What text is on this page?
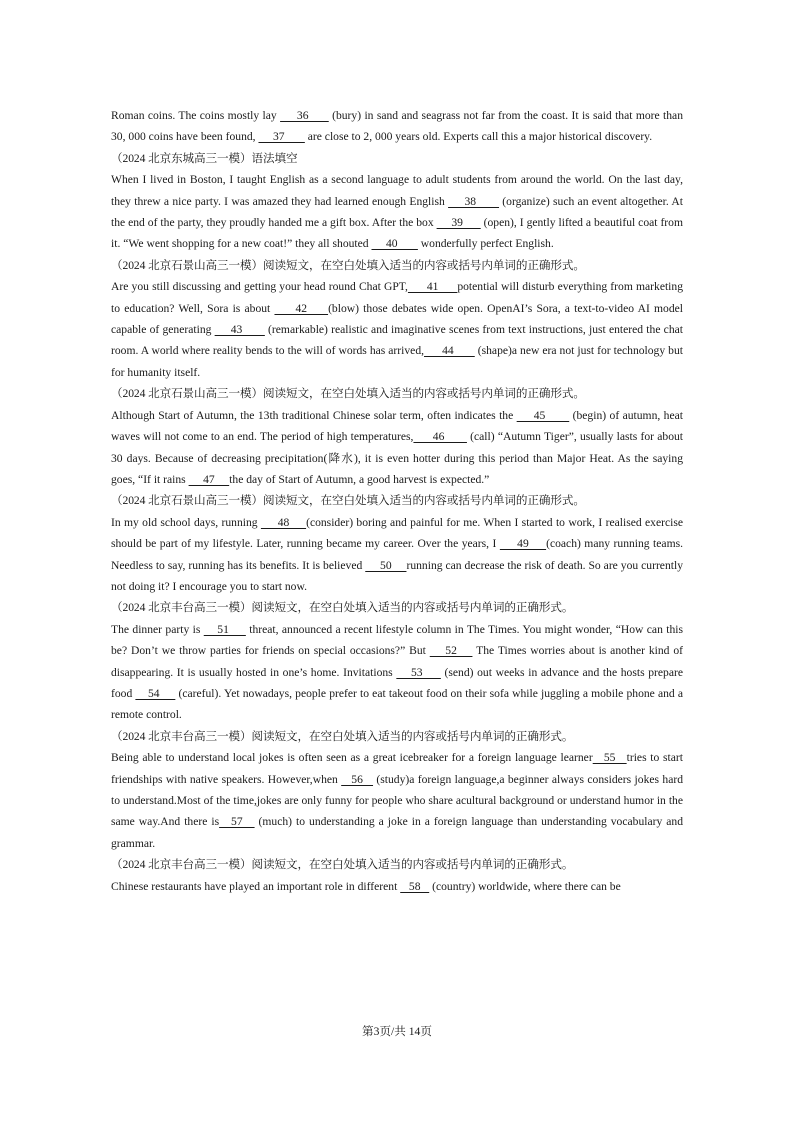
Roman coins. The coins mostly lay      36       (bury) in sand and seagrass not far from the coast. It is said that more than 30, 000 coins have been found,      37        are close to 2, 000 years old. Experts call this a major historical discovery.

（2024 北京东城高三一模）语法填空

When I lived in Boston, I taught English as a second language to adult students from around the world. On the last day, they threw a nice party. I was amazed they had learned enough English      38        (organize) such an event altogether. At the end of the party, they proudly handed me a gift box. After the box      39       (open), I gently lifted a beautiful coat from it. “We went shopping for a new coat!” they all shouted      40        wonderfully perfect English.

（2024 北京石景山高三一模）阅读短文，在空白处填入适当的内容或括号内单词的正确形式。

Are you still discussing and getting your head round Chat GPT,      41      potential will disturb everything from marketing to education? Well, Sora is about      42     (blow) those debates wide open. OpenAI’s Sora, a text-to-video AI model capable of generating      43        (remarkable) realistic and imaginative scenes from text instructions, just entered the chat room. A world where reality bends to the will of words has arrived,      44        (shape)a new era not just for technology but for humanity itself.

（2024 北京石景山高三一模）阅读短文，在空白处填入适当的内容或括号内单词的正确形式。

Although Start of Autumn, the 13th traditional Chinese solar term, often indicates the      45        (begin) of autumn, heat waves will not come to an end. The period of high temperatures,      46        (call) “Autumn Tiger”, usually lasts for about 30 days. Because of decreasing precipitation(降水), it is even hotter during this period than Major Heat. As the saying goes, “If it rains      47     the day of Start of Autumn, a good harvest is expected.”

（2024 北京石景山高三一模）阅读短文，在空白处填入适当的内容或括号内单词的正确形式。

In my old school days, running      48     (consider) boring and painful for me. When I started to work, I realised exercise should be part of my lifestyle. Later, running became my career. Over the years, I      49     (coach) many running teams. Needless to say, running has its benefits. It is believed      50     running can decrease the risk of death. So are you currently not doing it? I encourage you to start now.

（2024 北京丰台高三一模）阅读短文，在空白处填入适当的内容或括号内单词的正确形式。

The dinner party is     51      threat, announced a recent lifestyle column in The Times. You might wonder, “How can this be? Don’t we throw parties for friends on special occasions?” But     52     The Times worries about is another kind of disappearing. It is usually hosted in one’s home. Invitations     53      (send) out weeks in advance and the hosts prepare food     54      (careful). Yet nowadays, people prefer to eat takeout food on their sofa while juggling a mobile phone and a remote control.

（2024 北京丰台高三一模）阅读短文，在空白处填入适当的内容或括号内单词的正确形式。

Being able to understand local jokes is often seen as a great icebreaker for a foreign language learner   55   tries to start friendships with native speakers. However,when    56    (study)a foreign language,a beginner always considers jokes hard to understand.Most of the time,jokes are only funny for people who share acultural background or understand humor in the same way.And there is   57    (much) to understanding a joke in a foreign language than understanding vocabulary and grammar.

（2024 北京丰台高三一模）阅读短文，在空白处填入适当的内容或括号内单词的正确形式。

Chinese restaurants have played an important role in different    58    (country) worldwide, where there can be

第3页/共 14页
